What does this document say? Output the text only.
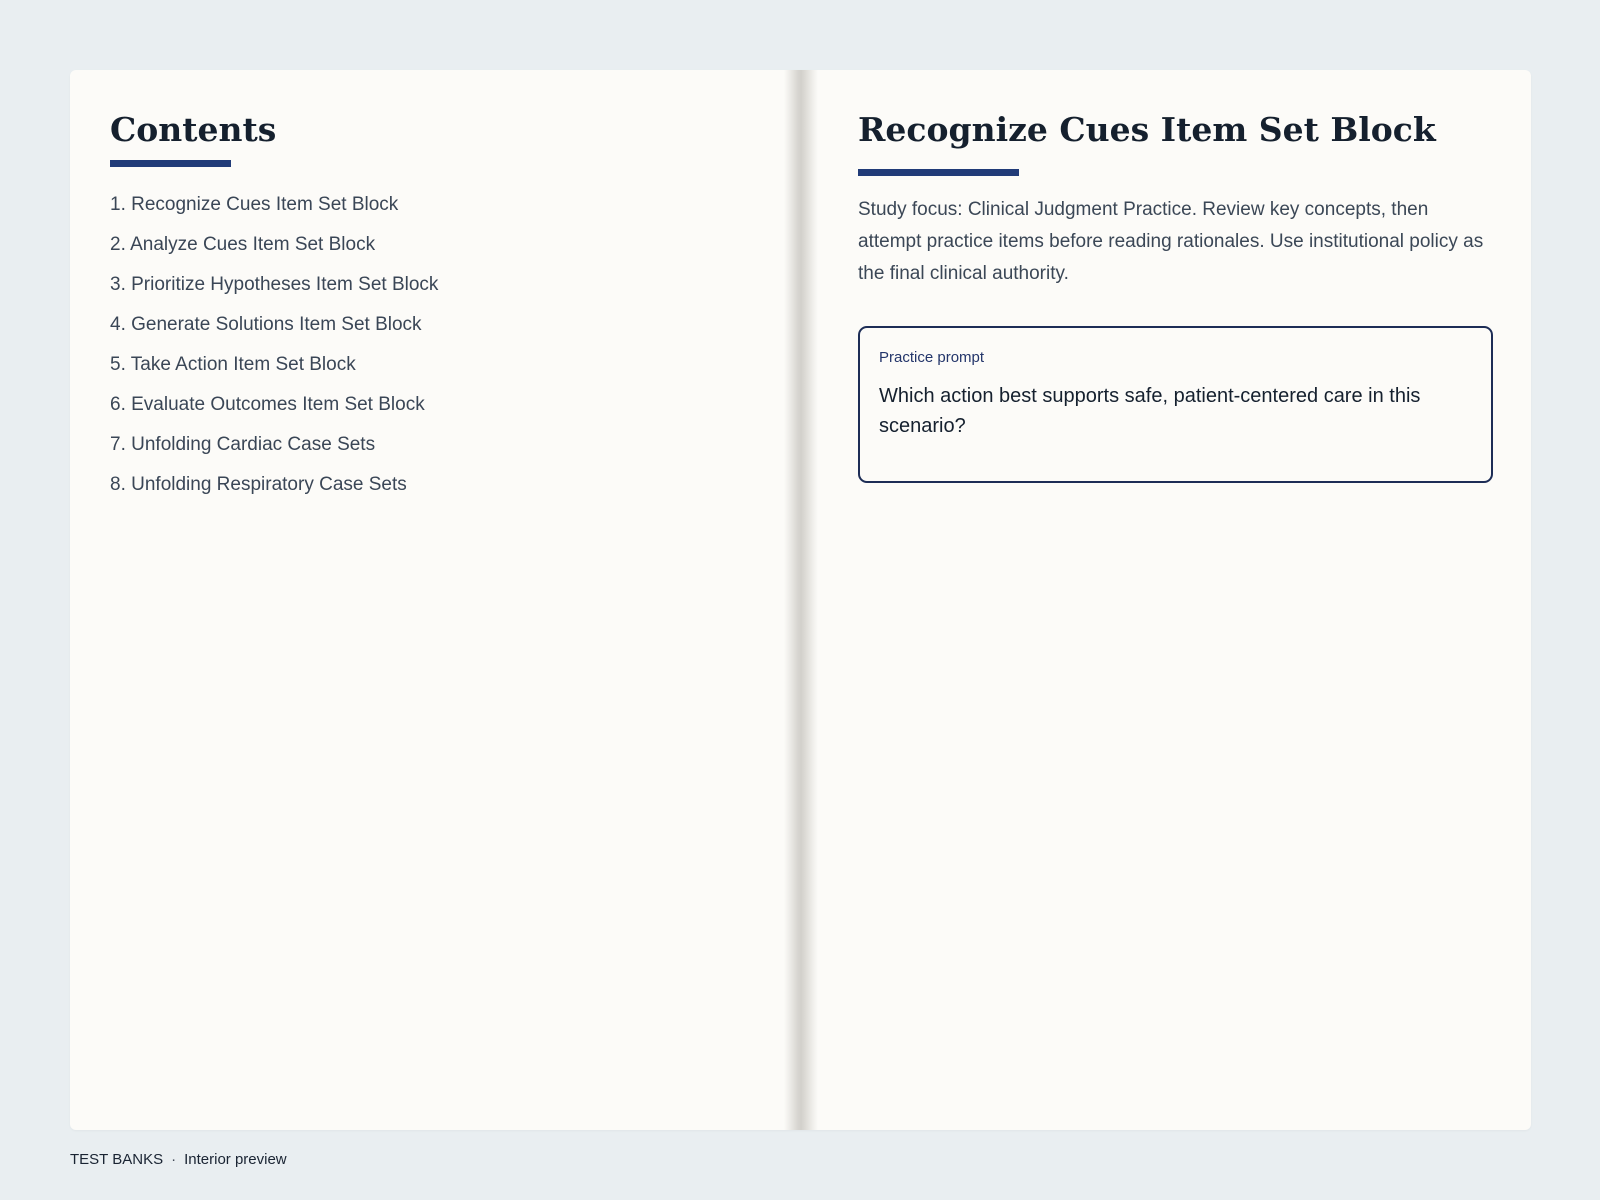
Contents
1. Recognize Cues Item Set Block
2. Analyze Cues Item Set Block
3. Prioritize Hypotheses Item Set Block
4. Generate Solutions Item Set Block
5. Take Action Item Set Block
6. Evaluate Outcomes Item Set Block
7. Unfolding Cardiac Case Sets
8. Unfolding Respiratory Case Sets
Recognize Cues Item Set Block

Study focus: Clinical Judgment Practice. Review key concepts, then attempt practice items before reading rationales. Use institutional policy as the final clinical authority.

Practice prompt

Which action best supports safe, patient-centered care in this scenario?

TEST BANKS · Interior preview
